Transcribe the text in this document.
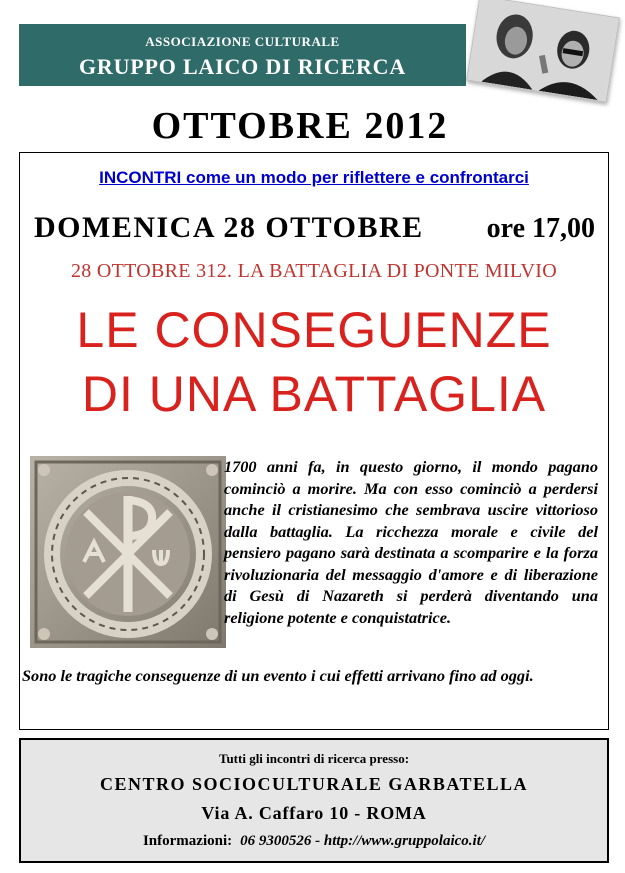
ASSOCIAZIONE CULTURALE
GRUPPO LAICO DI RICERCA
OTTOBRE 2012
INCONTRI come un modo per riflettere e confrontarci
DOMENICA 28 OTTOBRE ore 17,00
28 OTTOBRE 312. LA BATTAGLIA DI PONTE MILVIO
LE CONSEGUENZE
DI UNA BATTAGLIA
1700 anni fa, in questo giorno, il mondo pagano cominciò a morire. Ma con esso cominciò a perdersi anche il cristianesimo che sembrava uscire vittorioso dalla battaglia. La ricchezza morale e civile del pensiero pagano sarà destinata a scomparire e la forza rivoluzionaria del messaggio d'amore e di liberazione di Gesù di Nazareth si perderà diventando una religione potente e conquistatrice.
Sono le tragiche conseguenze di un evento i cui effetti arrivano fino ad oggi.
Tutti gli incontri di ricerca presso:
CENTRO SOCIOCULTURALE GARBATELLA
Via A. Caffaro 10 - ROMA
Informazioni: 06 9300526 - http://www.gruppolaico.it/
